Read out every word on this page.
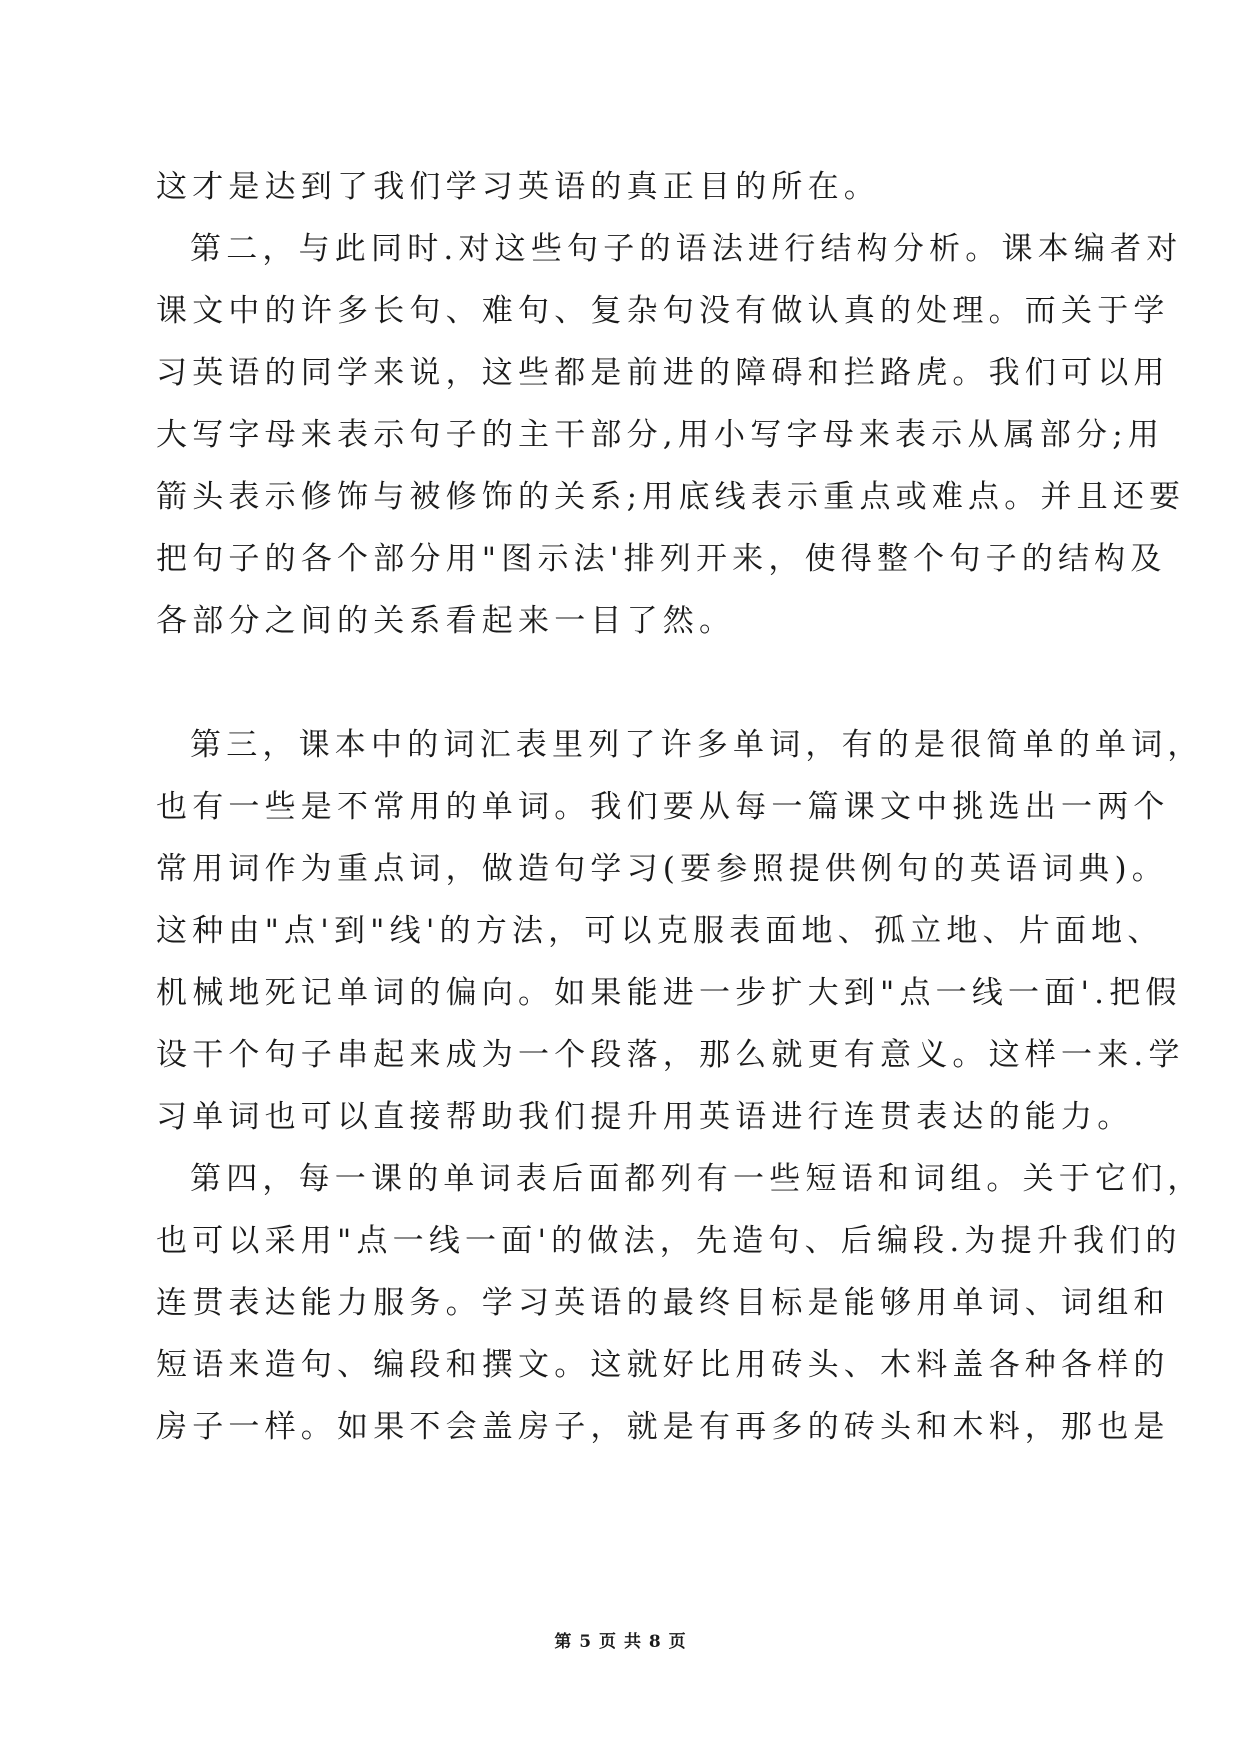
这才是达到了我们学习英语的真正目的所在。
第二，与此同时.对这些句子的语法进行结构分析。课本编者对
课文中的许多长句、难句、复杂句没有做认真的处理。而关于学
习英语的同学来说，这些都是前进的障碍和拦路虎。我们可以用
大写字母来表示句子的主干部分,用小写字母来表示从属部分;用
箭头表示修饰与被修饰的关系;用底线表示重点或难点。并且还要
把句子的各个部分用"图示法'排列开来，使得整个句子的结构及
各部分之间的关系看起来一目了然。
第三，课本中的词汇表里列了许多单词，有的是很简单的单词，
也有一些是不常用的单词。我们要从每一篇课文中挑选出一两个
常用词作为重点词，做造句学习(要参照提供例句的英语词典)。
这种由"点'到"线'的方法，可以克服表面地、孤立地、片面地、
机械地死记单词的偏向。如果能进一步扩大到"点一线一面'.把假
设干个句子串起来成为一个段落，那么就更有意义。这样一来.学
习单词也可以直接帮助我们提升用英语进行连贯表达的能力。
第四，每一课的单词表后面都列有一些短语和词组。关于它们，
也可以采用"点一线一面'的做法，先造句、后编段.为提升我们的
连贯表达能力服务。学习英语的最终目标是能够用单词、词组和
短语来造句、编段和撰文。这就好比用砖头、木料盖各种各样的
房子一样。如果不会盖房子，就是有再多的砖头和木料，那也是
第 5 页 共 8 页
